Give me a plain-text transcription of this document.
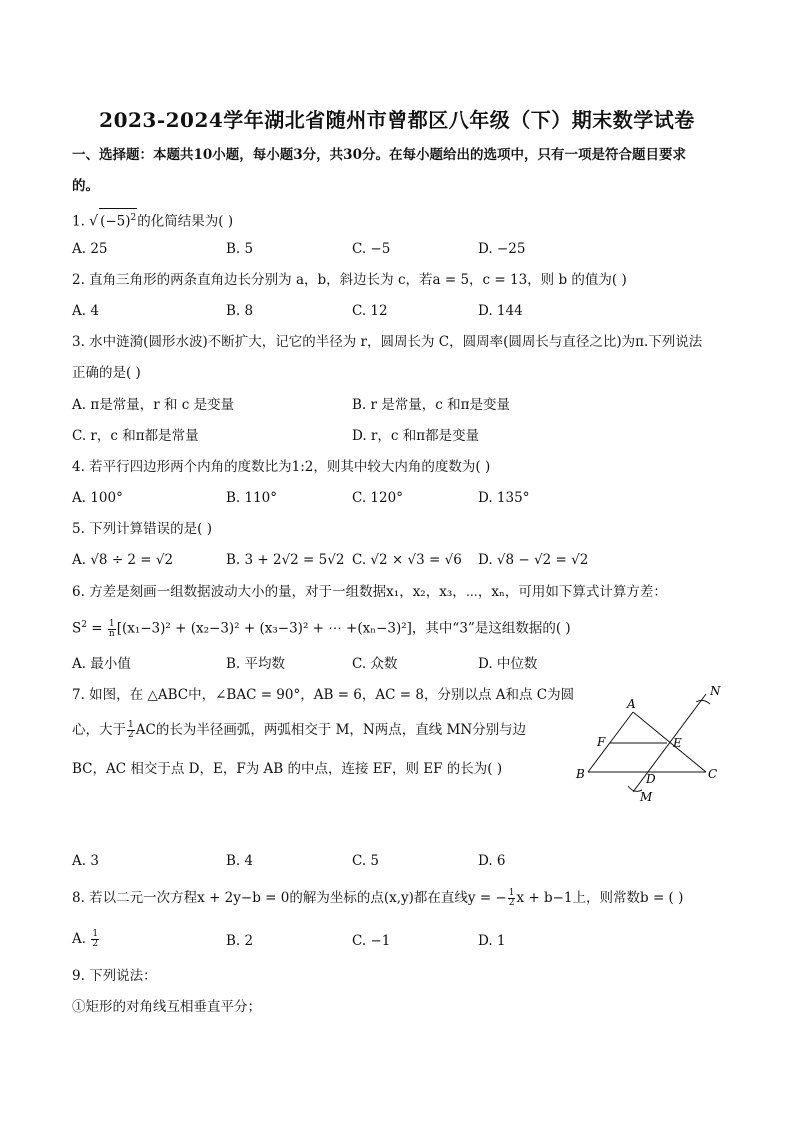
2023-2024学年湖北省随州市曾都区八年级（下）期末数学试卷
一、选择题：本题共10小题，每小题3分，共30分。在每小题给出的选项中，只有一项是符合题目要求
的。
1. √ $(-5)^2$的化简结果为( )
A. 25	B. 5	C. −5	D. −25
2. 直角三角形的两条直角边长分别为 a，b，斜边长为 c，若a = 5，c = 13，则 b 的值为( )
A. 4	B. 8	C. 12	D. 144
3. 水中涟漪(圆形水波)不断扩大，记它的半径为 r，圆周长为 C，圆周率(圆周长与直径之比)为π.下列说法
正确的是( )
A. π是常量，r 和 c 是变量	B. r 是常量，c 和π是变量
C. r，c 和π都是常量	D. r，c 和π都是变量
4. 若平行四边形两个内角的度数比为1:2，则其中较大内角的度数为( )
A. 100°	B. 110°	C. 120°	D. 135°
5. 下列计算错误的是( )
A. √8 ÷ 2 = √2	B. 3 + 2√2 = 5√2 C. √2 × √3 = √6 D. √8 − √2 = √2
6. 方差是刻画一组数据波动大小的量，对于一组数据x₁，x₂，x₃，⋯，xₙ，可用如下算式计算方差：
$S^2 = \frac{1}{n} [(x_1-3)^2 + (x_2-3)^2 + (x_3-3)^2$ + ⋯ +(xₙ−3)²]，其中“3”是这组数据的( )
A. 最小值	B. 平均数	C. 众数	D. 中位数
7. 如图，在 △ABC中，∠BAC = 90°，AB = 6，AC = 8，分别以点 A和点 C为圆
心，大于 $\frac{1}{2}$ AC的长为半径画弧，两弧相交于 M，N两点，直线 MN分别与边
BC，AC 相交于点 D，E，F为 AB 的中点，连接 EF，则 EF 的长为( )
N
A
F	E
B	D	C
M
A. 3	B. 4	C. 5	D. 6
8. 若以二元一次方程x + 2y−b = 0的解为坐标的点(x,y)都在直线y = − $\frac{1}{2}$ x + b−1上，则常数b = ( )
A. $\frac{1}{2}$	B. 2	C. −1	D. 1
9. 下列说法：
①矩形的对角线互相垂直平分；
